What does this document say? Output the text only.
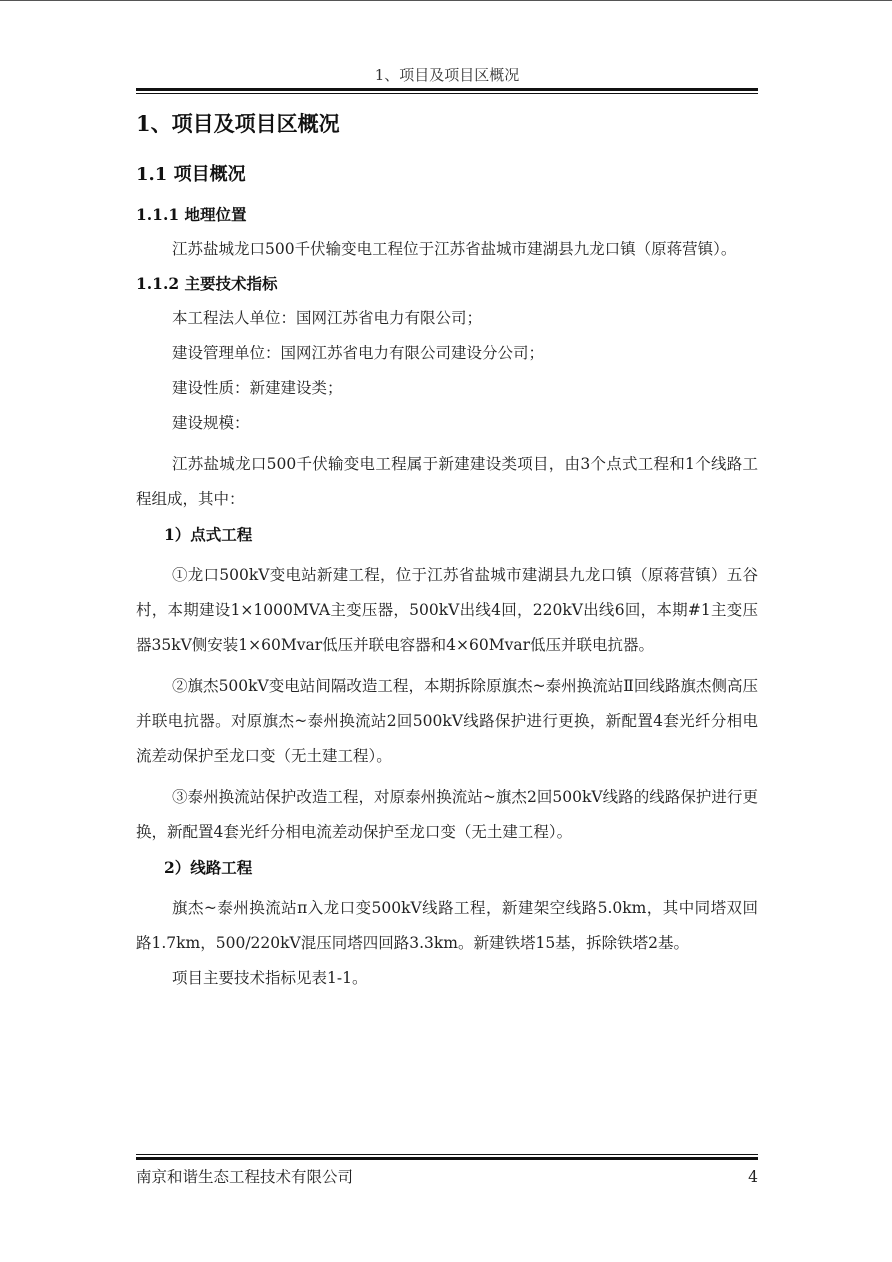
1、项目及项目区概况
1、项目及项目区概况
1.1 项目概况
1.1.1 地理位置

江苏盐城龙口500千伏输变电工程位于江苏省盐城市建湖县九龙口镇（原蒋营镇）。

1.1.2 主要技术指标

本工程法人单位：国网江苏省电力有限公司；

建设管理单位：国网江苏省电力有限公司建设分公司；

建设性质：新建建设类；

建设规模：

江苏盐城龙口500千伏输变电工程属于新建建设类项目，由3个点式工程和1个线路工程组成，其中：

1）点式工程

①龙口500kV变电站新建工程，位于江苏省盐城市建湖县九龙口镇（原蒋营镇）五谷村，本期建设1×1000MVA主变压器，500kV出线4回，220kV出线6回，本期#1主变压器35kV侧安装1×60Mvar低压并联电容器和4×60Mvar低压并联电抗器。

②旗杰500kV变电站间隔改造工程，本期拆除原旗杰~泰州换流站Ⅱ回线路旗杰侧高压并联电抗器。对原旗杰~泰州换流站2回500kV线路保护进行更换，新配置4套光纤分相电流差动保护至龙口变（无土建工程）。

③泰州换流站保护改造工程，对原泰州换流站~旗杰2回500kV线路的线路保护进行更换，新配置4套光纤分相电流差动保护至龙口变（无土建工程）。

2）线路工程

旗杰~泰州换流站π入龙口变500kV线路工程，新建架空线路5.0km，其中同塔双回路1.7km，500/220kV混压同塔四回路3.3km。新建铁塔15基，拆除铁塔2基。

项目主要技术指标见表1-1。

南京和谐生态工程技术有限公司	4
